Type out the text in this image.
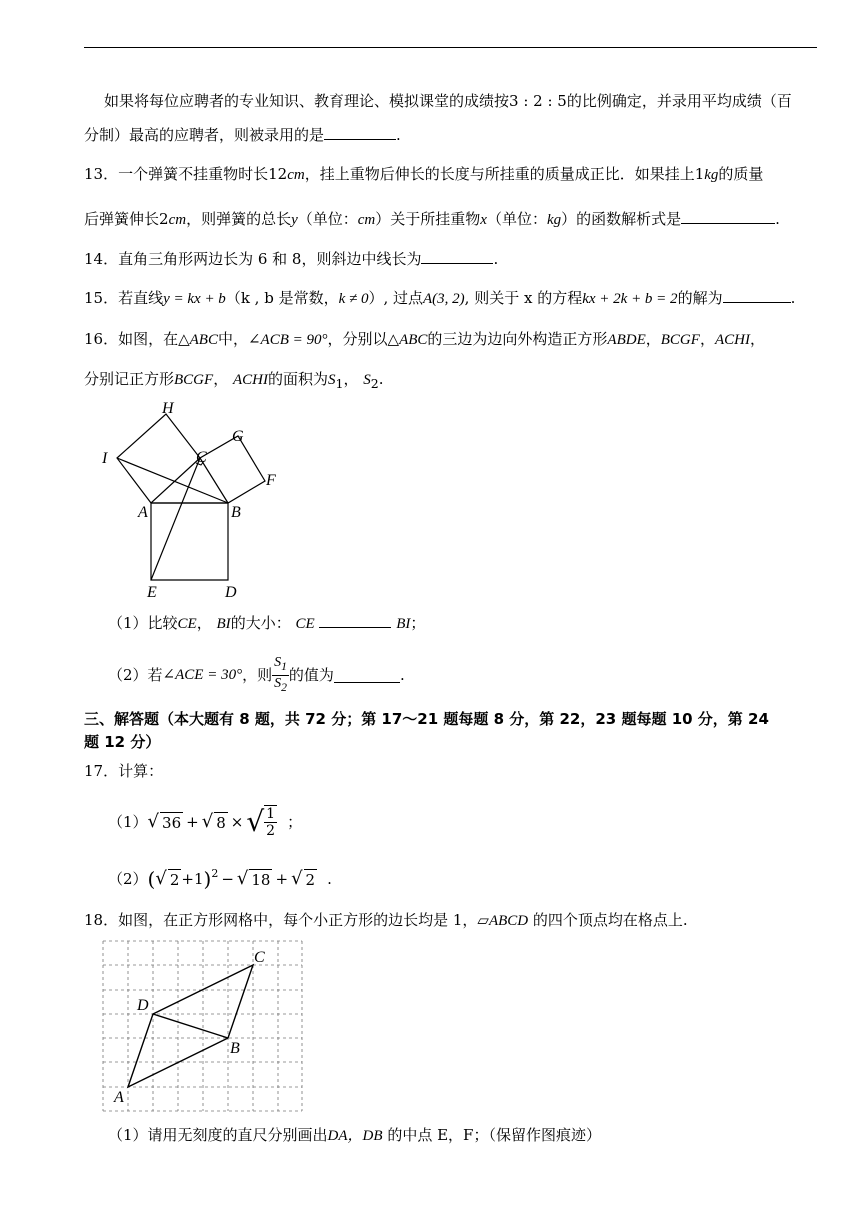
如果将每位应聘者的专业知识、教育理论、模拟课堂的成绩按3 : 2 : 5的比例确定，并录用平均成绩（百
分制）最高的应聘者，则被录用的是	.
13．一个弹簧不挂重物时长12cm，挂上重物后伸长的长度与所挂重的质量成正比．如果挂上1kg的质量
后弹簧伸长2cm，则弹簧的总长y（单位：cm）关于所挂重物x（单位：kg）的函数解析式是	.
14．直角三角形两边长为 6 和 8，则斜边中线长为	.
15．若直线y = kx + b（k , b 是常数，k ≠ 0）, 过点A(3, 2), 则关于 x 的方程kx + 2k + b = 2的解为	.
16．如图，在△ABC中，∠ACB = 90°，分别以△ABC的三边为边向外构造正方形ABDE，BCGF，ACHI，
分别记正方形BCGF， ACHI的面积为$S_1$， $S_2$.
H
G
I	C
F
A	B
E	D
（1）比较CE， BI的大小： CE	BI；
（2）若 ∠ACE = 30° ，则 $\frac{S_1}{S_2}$ 的值为	.
三、解答题（本大题有 8 题，共 72 分；第 17～21 题每题 8 分，第 22，23 题每题 10 分，第 24
题 12 分）
17．计算：
（1） √ 36 + √ 8 × √ $\frac{1}{2}$ ；
（2） ( √ 2 +1 )$^2$ − √ 18 + √ 2 .
18．如图，在正方形网格中，每个小正方形的边长均是 1，▱ABCD 的四个顶点均在格点上.
C
D
B
A
（1）请用无刻度的直尺分别画出DA，DB 的中点 E，F；（保留作图痕迹）
